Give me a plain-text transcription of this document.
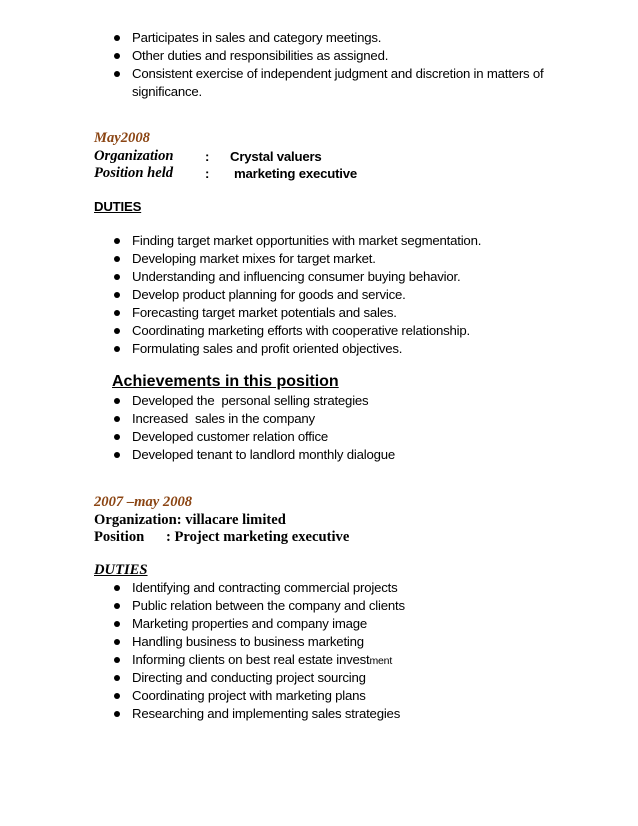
Participates in sales and category meetings.
Other duties and responsibilities as assigned.
Consistent exercise of independent judgment and discretion in matters of significance.
May2008
Organization : Crystal valuers
Position held : marketing executive
DUTIES
Finding target market opportunities with market segmentation.
Developing market mixes for target market.
Understanding and influencing consumer buying behavior.
Develop product planning for goods and service.
Forecasting target market potentials and sales.
Coordinating marketing efforts with cooperative relationship.
Formulating sales and profit oriented objectives.
Achievements in this position
Developed the  personal selling strategies
Increased  sales in the company
Developed customer relation office
Developed tenant to landlord monthly dialogue
2007 –may 2008
Organization: villacare limited
Position : Project marketing executive
DUTIES
Identifying and contracting commercial projects
Public relation between the company and clients
Marketing properties and company image
Handling business to business marketing
Informing clients on best real estate investment
Directing and conducting project sourcing
Coordinating project with marketing plans
Researching and implementing sales strategies
